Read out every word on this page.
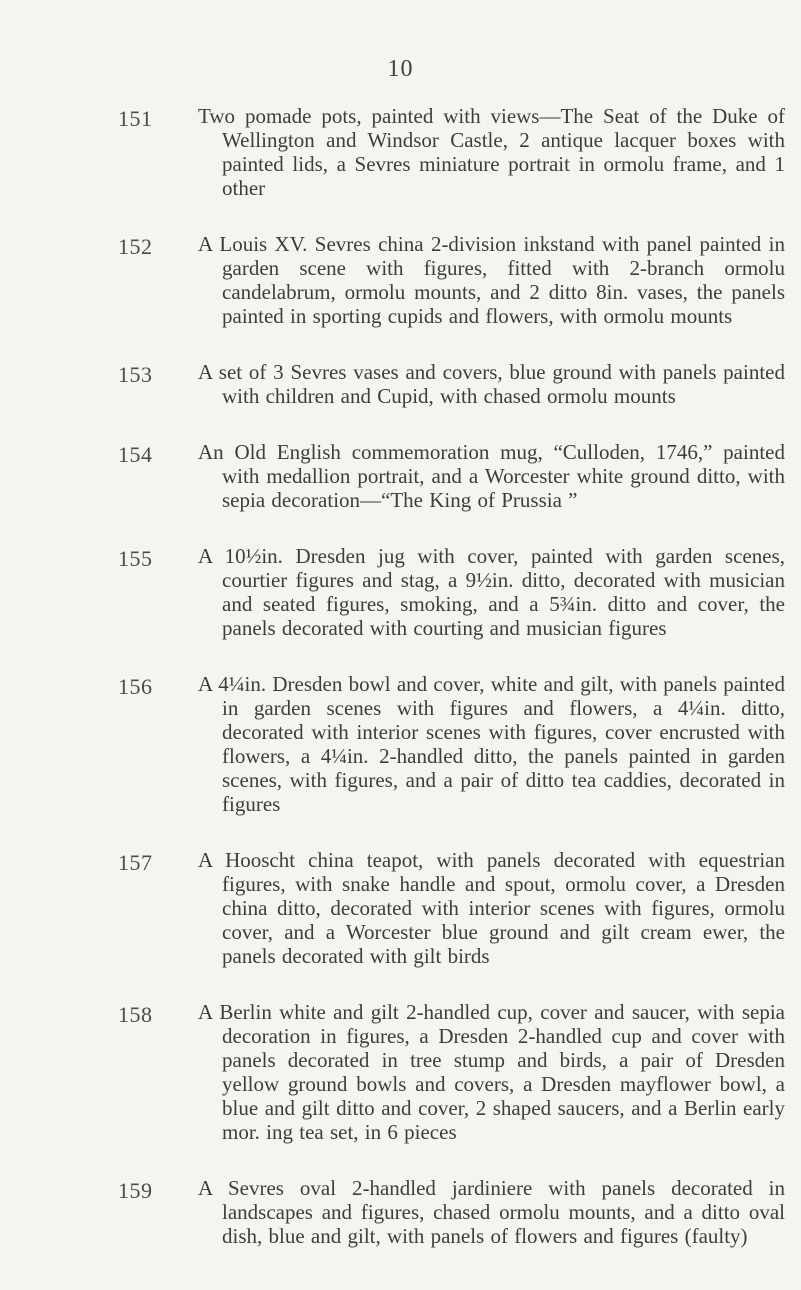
10
151 Two pomade pots, painted with views—The Seat of the Duke of Wellington and Windsor Castle, 2 antique lacquer boxes with painted lids, a Sevres miniature portrait in ormolu frame, and 1 other
152 A Louis XV. Sevres china 2-division inkstand with panel painted in garden scene with figures, fitted with 2-branch ormolu candelabrum, ormolu mounts, and 2 ditto 8in. vases, the panels painted in sporting cupids and flowers, with ormolu mounts
153 A set of 3 Sevres vases and covers, blue ground with panels painted with children and Cupid, with chased ormolu mounts
154 An Old English commemoration mug, “Culloden, 1746,” painted with medallion portrait, and a Worcester white ground ditto, with sepia decoration—“The King of Prussia ”
155 A 10½in. Dresden jug with cover, painted with garden scenes, courtier figures and stag, a 9½in. ditto, decorated with musician and seated figures, smoking, and a 5¾in. ditto and cover, the panels decorated with courting and musician figures
156 A 4¼in. Dresden bowl and cover, white and gilt, with panels painted in garden scenes with figures and flowers, a 4¼in. ditto, decorated with interior scenes with figures, cover encrusted with flowers, a 4¼in. 2-handled ditto, the panels painted in garden scenes, with figures, and a pair of ditto tea caddies, decorated in figures
157 A Hooscht china teapot, with panels decorated with equestrian figures, with snake handle and spout, ormolu cover, a Dresden china ditto, decorated with interior scenes with figures, ormolu cover, and a Worcester blue ground and gilt cream ewer, the panels decorated with gilt birds
158 A Berlin white and gilt 2-handled cup, cover and saucer, with sepia decoration in figures, a Dresden 2-handled cup and cover with panels decorated in tree stump and birds, a pair of Dresden yellow ground bowls and covers, a Dresden mayflower bowl, a blue and gilt ditto and cover, 2 shaped saucers, and a Berlin early mor. ing tea set, in 6 pieces
159 A Sevres oval 2-handled jardiniere with panels decorated in landscapes and figures, chased ormolu mounts, and a ditto oval dish, blue and gilt, with panels of flowers and figures (faulty)
